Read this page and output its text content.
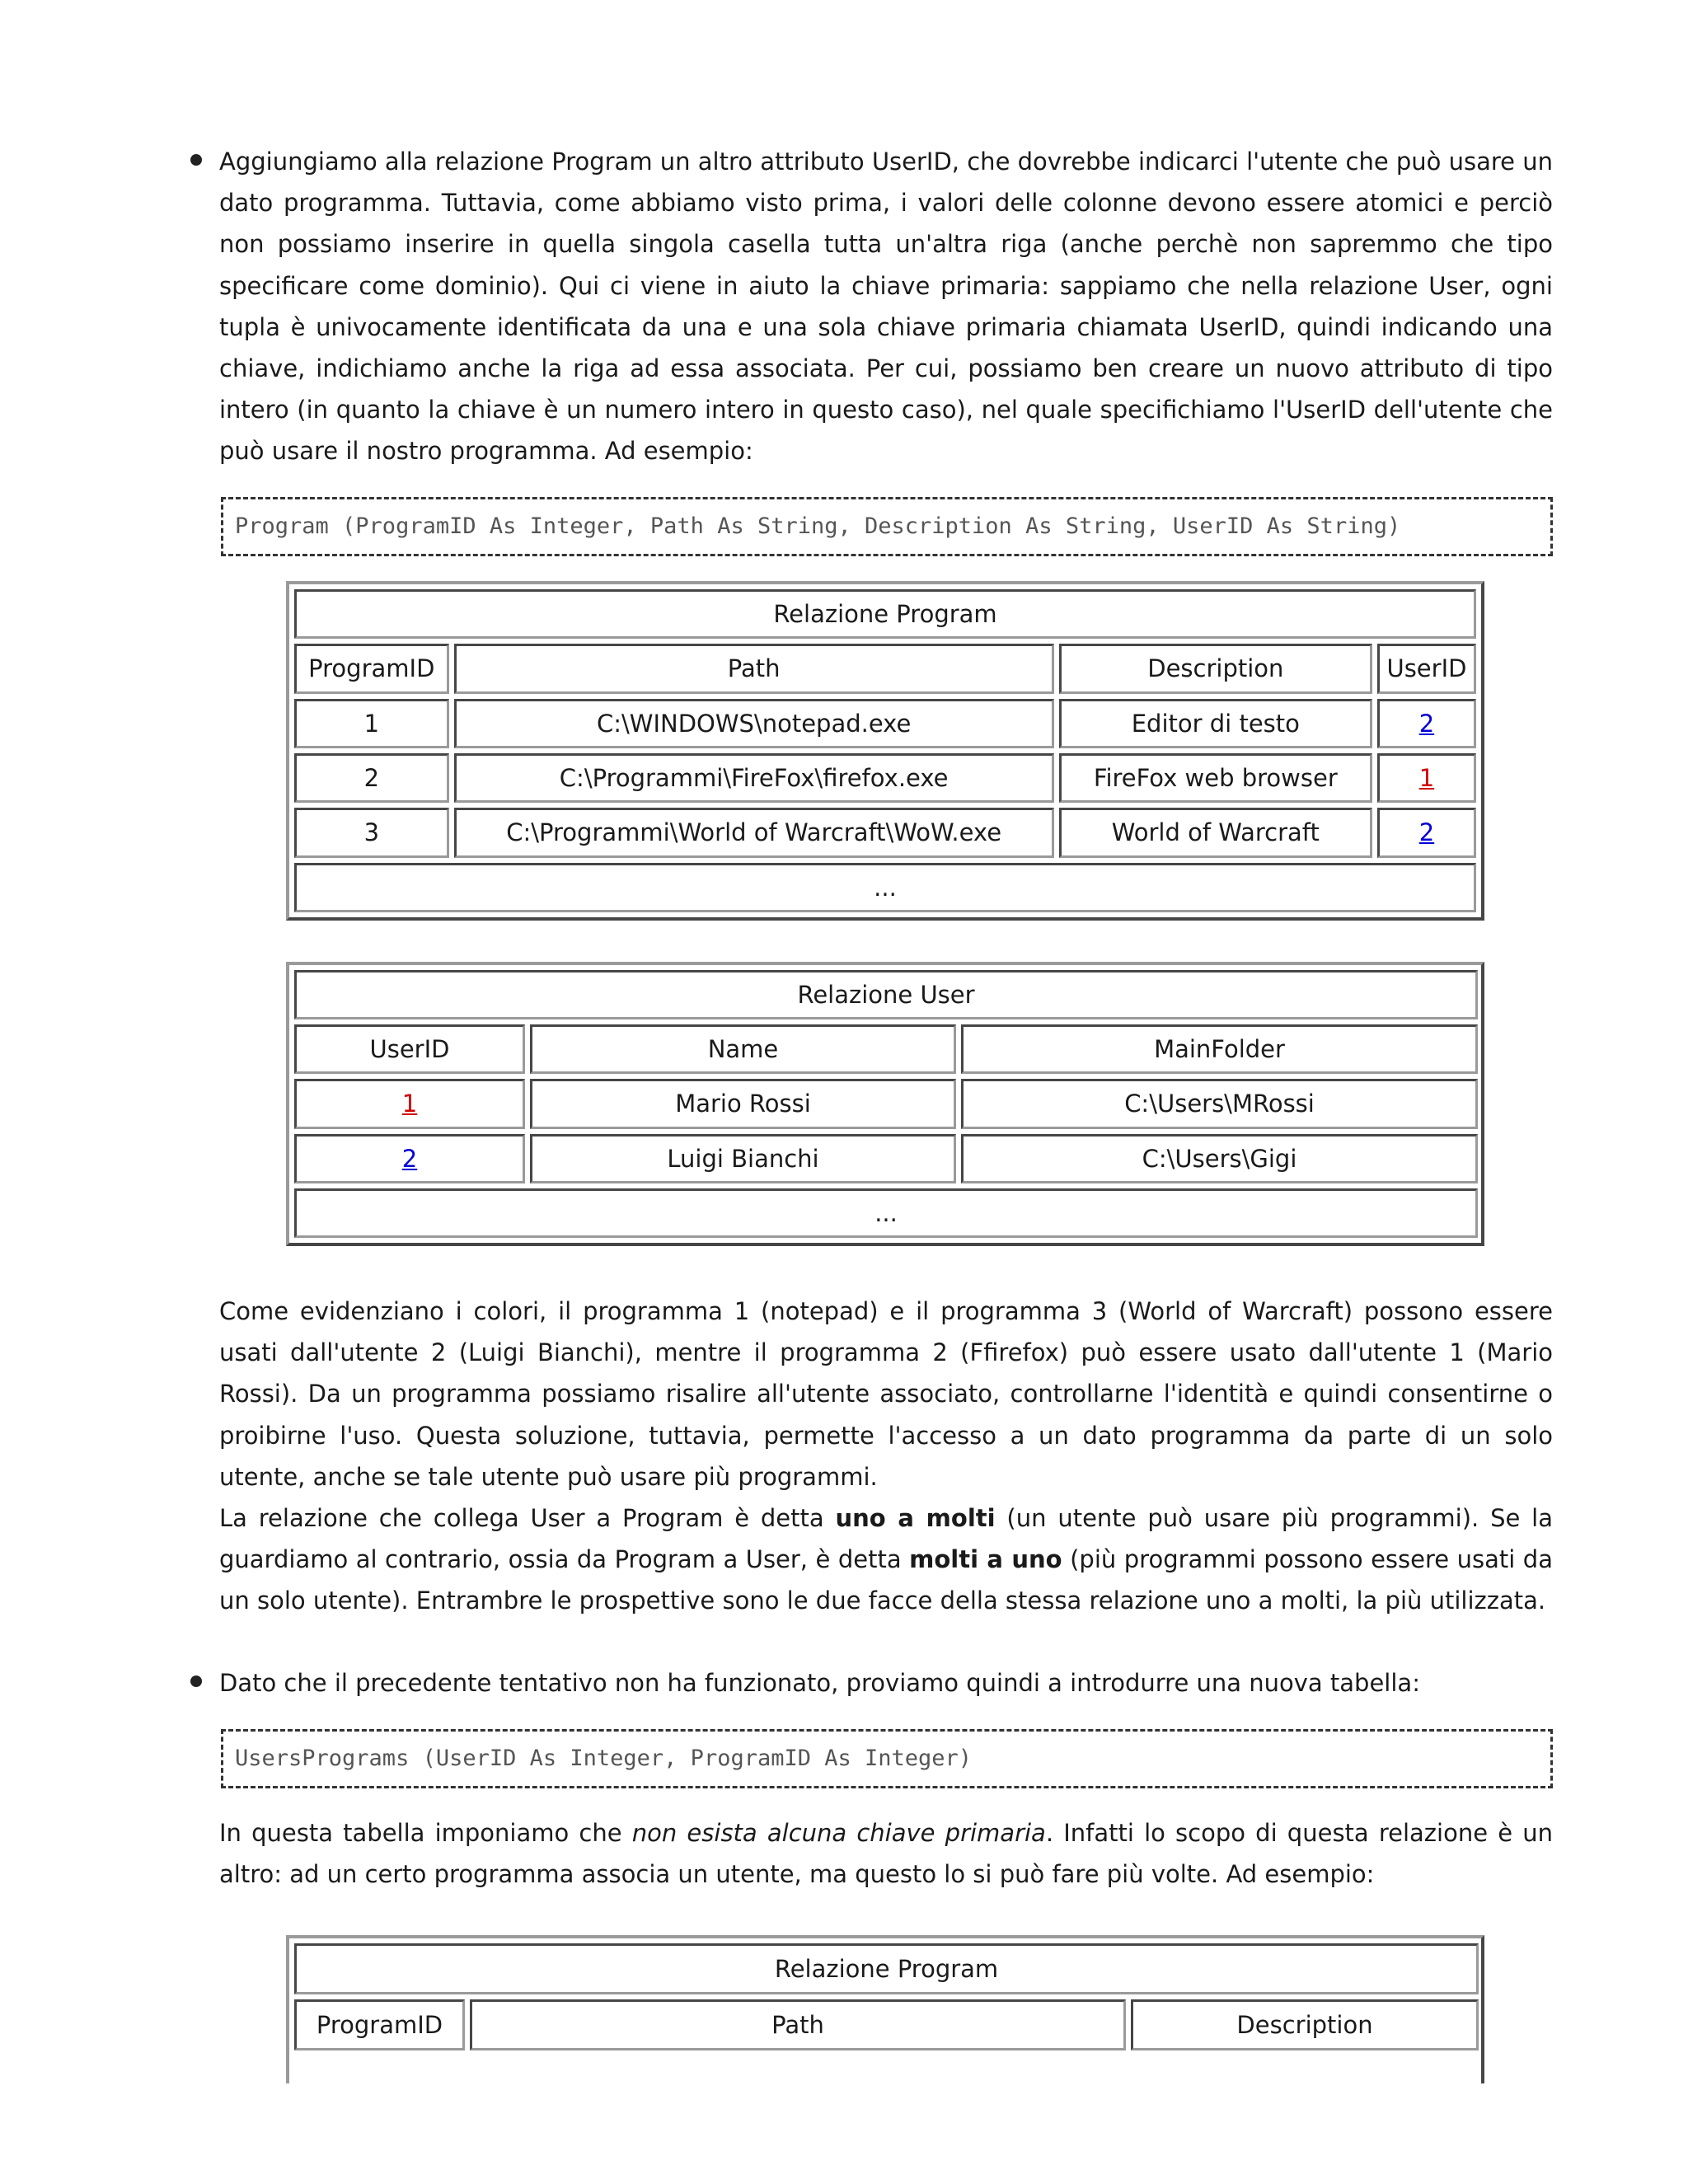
Aggiungiamo alla relazione Program un altro attributo UserID, che dovrebbe indicarci l'utente che può usare un dato programma. Tuttavia, come abbiamo visto prima, i valori delle colonne devono essere atomici e perciò non possiamo inserire in quella singola casella tutta un'altra riga (anche perchè non sapremmo che tipo specificare come dominio). Qui ci viene in aiuto la chiave primaria: sappiamo che nella relazione User, ogni tupla è univocamente identificata da una e una sola chiave primaria chiamata UserID, quindi indicando una chiave, indichiamo anche la riga ad essa associata. Per cui, possiamo ben creare un nuovo attributo di tipo intero (in quanto la chiave è un numero intero in questo caso), nel quale specifichiamo l'UserID dell'utente che può usare il nostro programma. Ad esempio:

Program (ProgramID As Integer, Path As String, Description As String, UserID As String)
Relazione Program			
ProgramID	Path	Description	UserID
1	C:\WINDOWS\notepad.exe	Editor di testo	2
2	C:\Programmi\FireFox\firefox.exe	FireFox web browser	1
3	C:\Programmi\World of Warcraft\WoW.exe	World of Warcraft	2
...			
Relazione User		
UserID	Name	MainFolder
1	Mario Rossi	C:\Users\MRossi
2	Luigi Bianchi	C:\Users\Gigi
...		

Come evidenziano i colori, il programma 1 (notepad) e il programma 3 (World of Warcraft) possono essere usati dall'utente 2 (Luigi Bianchi), mentre il programma 2 (Ffirefox) può essere usato dall'utente 1 (Mario Rossi). Da un programma possiamo risalire all'utente associato, controllarne l'identità e quindi consentirne o proibirne l'uso. Questa soluzione, tuttavia, permette l'accesso a un dato programma da parte di un solo utente, anche se tale utente può usare più programmi.

La relazione che collega User a Program è detta uno a molti (un utente può usare più programmi). Se la guardiamo al contrario, ossia da Program a User, è detta molti a uno (più programmi possono essere usati da un solo utente). Entrambre le prospettive sono le due facce della stessa relazione uno a molti, la più utilizzata.

Dato che il precedente tentativo non ha funzionato, proviamo quindi a introdurre una nuova tabella:

UsersPrograms (UserID As Integer, ProgramID As Integer)

In questa tabella imponiamo che non esista alcuna chiave primaria. Infatti lo scopo di questa relazione è un altro: ad un certo programma associa un utente, ma questo lo si può fare più volte. Ad esempio:

Relazione Program
ProgramID	Path	Description
